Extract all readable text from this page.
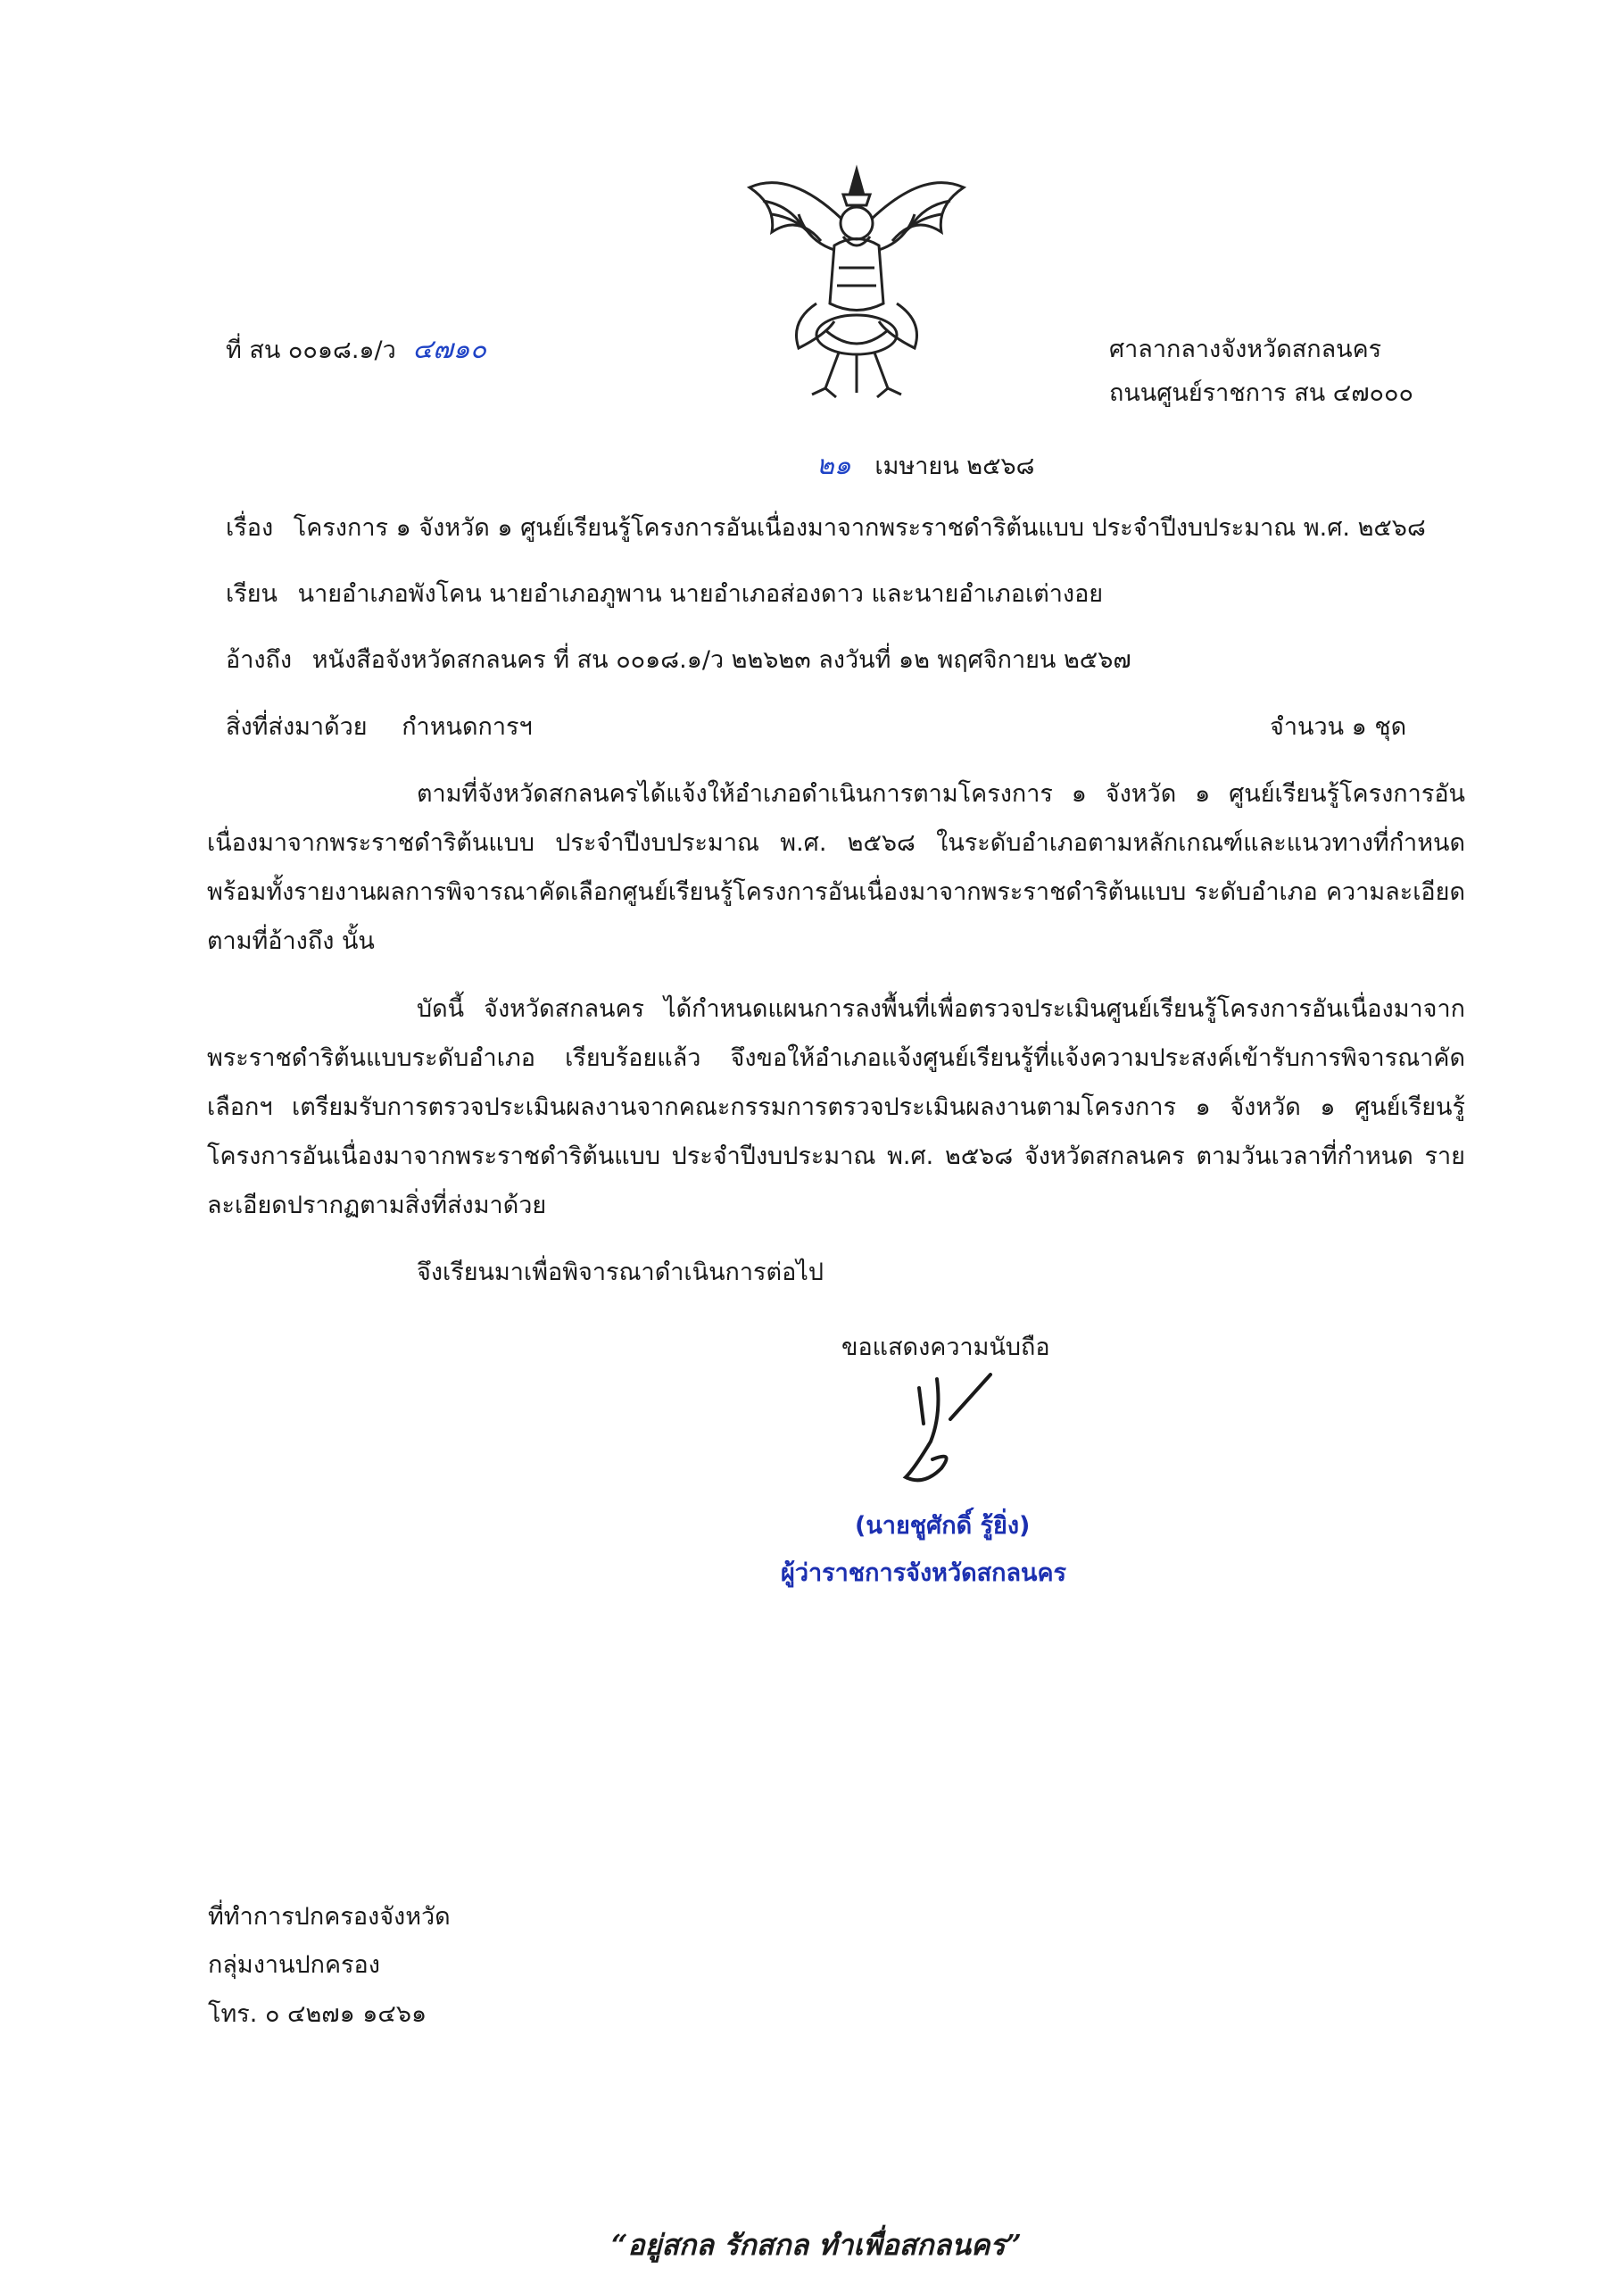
ที่ สน ๐๐๑๘.๑/ว ๔๗๑๐	ศาลากลางจังหวัดสกลนคร
ถนนศูนย์ราชการ สน ๔๗๐๐๐
๒๑ เมษายน ๒๕๖๘
เรื่อง โครงการ ๑ จังหวัด ๑ ศูนย์เรียนรู้โครงการอันเนื่องมาจากพระราชดำริต้นแบบ ประจำปีงบประมาณ พ.ศ. ๒๕๖๘
เรียน นายอำเภอพังโคน นายอำเภอภูพาน นายอำเภอส่องดาว และนายอำเภอเต่างอย
อ้างถึง หนังสือจังหวัดสกลนคร ที่ สน ๐๐๑๘.๑/ว ๒๒๖๒๓ ลงวันที่ ๑๒ พฤศจิกายน ๒๕๖๗
สิ่งที่ส่งมาด้วย กำหนดการฯ	จำนวน ๑ ชุด

ตามที่จังหวัดสกลนครได้แจ้งให้อำเภอดำเนินการตามโครงการ ๑ จังหวัด ๑ ศูนย์เรียนรู้โครงการอันเนื่องมาจากพระราชดำริต้นแบบ ประจำปีงบประมาณ พ.ศ. ๒๕๖๘ ในระดับอำเภอตามหลักเกณฑ์และแนวทางที่กำหนด พร้อมทั้งรายงานผลการพิจารณาคัดเลือกศูนย์เรียนรู้โครงการอันเนื่องมาจากพระราชดำริต้นแบบ ระดับอำเภอ ความละเอียดตามที่อ้างถึง นั้น

บัดนี้ จังหวัดสกลนคร ได้กำหนดแผนการลงพื้นที่เพื่อตรวจประเมินศูนย์เรียนรู้โครงการอันเนื่องมาจากพระราชดำริต้นแบบระดับอำเภอ เรียบร้อยแล้ว จึงขอให้อำเภอแจ้งศูนย์เรียนรู้ที่แจ้งความประสงค์เข้ารับการพิจารณาคัดเลือกฯ เตรียมรับการตรวจประเมินผลงานจากคณะกรรมการตรวจประเมินผลงานตามโครงการ ๑ จังหวัด ๑ ศูนย์เรียนรู้โครงการอันเนื่องมาจากพระราชดำริต้นแบบ ประจำปีงบประมาณ พ.ศ. ๒๕๖๘ จังหวัดสกลนคร ตามวันเวลาที่กำหนด รายละเอียดปรากฏตามสิ่งที่ส่งมาด้วย

จึงเรียนมาเพื่อพิจารณาดำเนินการต่อไป

ขอแสดงความนับถือ
(นายชูศักดิ์ รู้ยิ่ง)
ผู้ว่าราชการจังหวัดสกลนคร
ที่ทำการปกครองจังหวัด
กลุ่มงานปกครอง
โทร. ๐ ๔๒๗๑ ๑๔๖๑
“อยู่สกล รักสกล ทำเพื่อสกลนคร”
